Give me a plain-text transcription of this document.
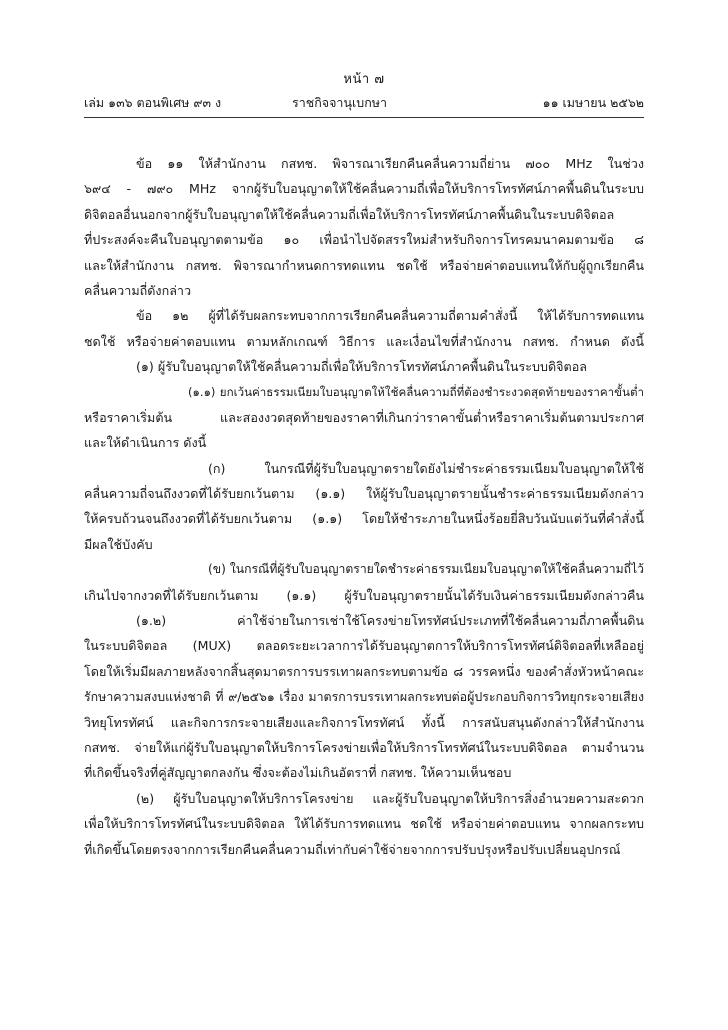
หน้า ๗
เล่ม ๑๓๖ ตอนพิเศษ ๙๓ ง	ราชกิจจานุเบกษา	๑๑ เมษายน ๒๕๖๒
ข้อ ๑๑ ให้สำนักงาน กสทช. พิจารณาเรียกคืนคลื่นความถี่ย่าน ๗๐๐ MHz ในช่วง
๖๙๔ - ๗๙๐ MHz จากผู้รับใบอนุญาตให้ใช้คลื่นความถี่เพื่อให้บริการโทรทัศน์ภาคพื้นดินในระบบ
ดิจิตอลอื่นนอกจากผู้รับใบอนุญาตให้ใช้คลื่นความถี่เพื่อให้บริการโทรทัศน์ภาคพื้นดินในระบบดิจิตอล
ที่ประสงค์จะคืนใบอนุญาตตามข้อ ๑๐ เพื่อนำไปจัดสรรใหม่สำหรับกิจการโทรคมนาคมตามข้อ ๘
และให้สำนักงาน กสทช. พิจารณากำหนดการทดแทน ชดใช้ หรือจ่ายค่าตอบแทนให้กับผู้ถูกเรียกคืน
คลื่นความถี่ดังกล่าว
ข้อ ๑๒ ผู้ที่ได้รับผลกระทบจากการเรียกคืนคลื่นความถี่ตามคำสั่งนี้ ให้ได้รับการทดแทน
ชดใช้ หรือจ่ายค่าตอบแทน ตามหลักเกณฑ์ วิธีการ และเงื่อนไขที่สำนักงาน กสทช. กำหนด ดังนี้
(๑) ผู้รับใบอนุญาตให้ใช้คลื่นความถี่เพื่อให้บริการโทรทัศน์ภาคพื้นดินในระบบดิจิตอล
(๑.๑) ยกเว้นค่าธรรมเนียมใบอนุญาตให้ใช้คลื่นความถี่ที่ต้องชำระงวดสุดท้ายของราคาขั้นต่ำ
หรือราคาเริ่มต้น และสองงวดสุดท้ายของราคาที่เกินกว่าราคาขั้นต่ำหรือราคาเริ่มต้นตามประกาศ
และให้ดำเนินการ ดังนี้
(ก) ในกรณีที่ผู้รับใบอนุญาตรายใดยังไม่ชำระค่าธรรมเนียมใบอนุญาตให้ใช้
คลื่นความถี่จนถึงงวดที่ได้รับยกเว้นตาม (๑.๑) ให้ผู้รับใบอนุญาตรายนั้นชำระค่าธรรมเนียมดังกล่าว
ให้ครบถ้วนจนถึงงวดที่ได้รับยกเว้นตาม (๑.๑) โดยให้ชำระภายในหนึ่งร้อยยี่สิบวันนับแต่วันที่คำสั่งนี้
มีผลใช้บังคับ
(ข) ในกรณีที่ผู้รับใบอนุญาตรายใดชำระค่าธรรมเนียมใบอนุญาตให้ใช้คลื่นความถี่ไว้
เกินไปจากงวดที่ได้รับยกเว้นตาม (๑.๑) ผู้รับใบอนุญาตรายนั้นได้รับเงินค่าธรรมเนียมดังกล่าวคืน
(๑.๒) ค่าใช้จ่ายในการเช่าใช้โครงข่ายโทรทัศน์ประเภทที่ใช้คลื่นความถี่ภาคพื้นดิน
ในระบบดิจิตอล (MUX) ตลอดระยะเวลาการได้รับอนุญาตการให้บริการโทรทัศน์ดิจิตอลที่เหลืออยู่
โดยให้เริ่มมีผลภายหลังจากสิ้นสุดมาตรการบรรเทาผลกระทบตามข้อ ๘ วรรคหนึ่ง ของคำสั่งหัวหน้าคณะ
รักษาความสงบแห่งชาติ ที่ ๙/๒๕๖๑ เรื่อง มาตรการบรรเทาผลกระทบต่อผู้ประกอบกิจการวิทยุกระจายเสียง
วิทยุโทรทัศน์ และกิจการกระจายเสียงและกิจการโทรทัศน์ ทั้งนี้ การสนับสนุนดังกล่าวให้สำนักงาน
กสทช. จ่ายให้แก่ผู้รับใบอนุญาตให้บริการโครงข่ายเพื่อให้บริการโทรทัศน์ในระบบดิจิตอล ตามจำนวน
ที่เกิดขึ้นจริงที่คู่สัญญาตกลงกัน ซึ่งจะต้องไม่เกินอัตราที่ กสทช. ให้ความเห็นชอบ
(๒) ผู้รับใบอนุญาตให้บริการโครงข่าย และผู้รับใบอนุญาตให้บริการสิ่งอำนวยความสะดวก
เพื่อให้บริการโทรทัศน์ในระบบดิจิตอล ให้ได้รับการทดแทน ชดใช้ หรือจ่ายค่าตอบแทน จากผลกระทบ
ที่เกิดขึ้นโดยตรงจากการเรียกคืนคลื่นความถี่เท่ากับค่าใช้จ่ายจากการปรับปรุงหรือปรับเปลี่ยนอุปกรณ์
